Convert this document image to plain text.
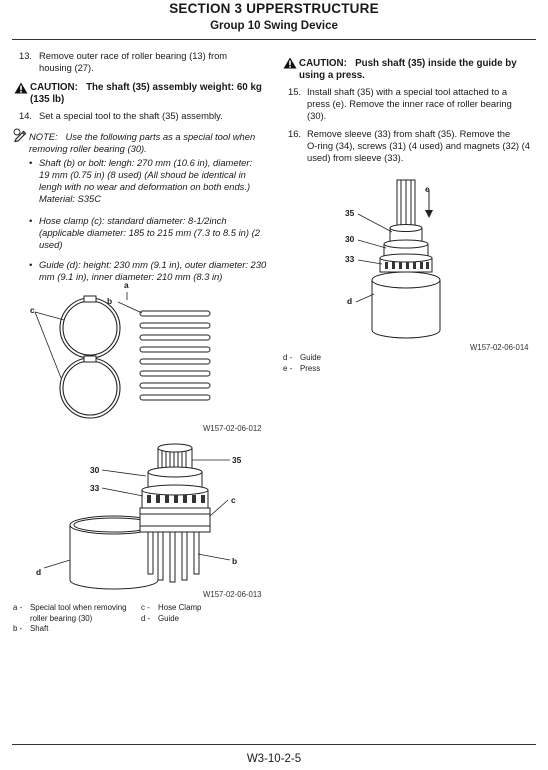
SECTION 3 UPPERSTRUCTURE
Group 10 Swing Device
13. Remove outer race of roller bearing (13) from
housing (27).
CAUTION: The shaft (35) assembly weight: 60 kg
(135 lb)
14. Set a special tool to the shaft (35) assembly.
NOTE: Use the following parts as a special tool when
removing roller bearing (30).
• Shaft (b) or bolt: lengh: 270 mm (10.6 in), diameter:
19 mm (0.75 in) (8 used) (All shoud be identical in
lengh with no wear and deformation on both ends.)
Material: S35C
• Hose clamp (c): standard diameter: 8-1/2inch
(applicable diameter: 185 to 215 mm (7.3 to 8.5 in) (2
used)
• Guide (d): height: 230 mm (9.1 in), outer diameter: 230
mm (9.1 in), inner diameter: 210 mm (8.3 in)
a
b
c
W157-02-06-012
30
33
35
c
b
d
W157-02-06-013
a - Special tool when removing
roller bearing (30)
b - Shaft
c - Hose Clamp
d - Guide
CAUTION: Push shaft (35) inside the guide by
using a press.
15. Install shaft (35) with a special tool attached to a
press (e). Remove the inner race of roller bearing
(30).
16. Remove sleeve (33) from shaft (35). Remove the
O-ring (34), screws (31) (4 used) and magnets (32) (4
used) from sleeve (33).
e
35
30
33
d
W157-02-06-014
d - Guide
e - Press
W3-10-2-5
